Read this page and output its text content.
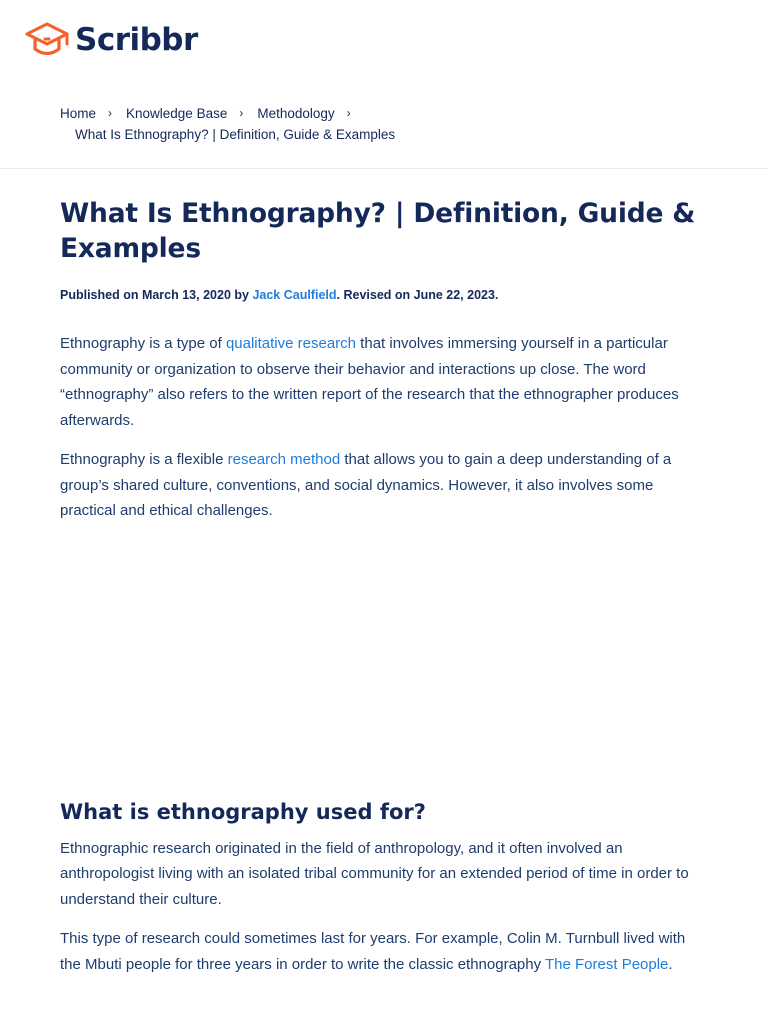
Scribbr
Home › Knowledge Base › Methodology ›
What Is Ethnography? | Definition, Guide & Examples
What Is Ethnography? | Definition, Guide & Examples
Published on March 13, 2020 by Jack Caulfield. Revised on June 22, 2023.

Ethnography is a type of qualitative research that involves immersing yourself in a particular community or organization to observe their behavior and interactions up close. The word “ethnography” also refers to the written report of the research that the ethnographer produces afterwards.

Ethnography is a flexible research method that allows you to gain a deep understanding of a group’s shared culture, conventions, and social dynamics. However, it also involves some practical and ethical challenges.

What is ethnography used for?

Ethnographic research originated in the field of anthropology, and it often involved an anthropologist living with an isolated tribal community for an extended period of time in order to understand their culture.

This type of research could sometimes last for years. For example, Colin M. Turnbull lived with the Mbuti people for three years in order to write the classic ethnography The Forest People.
